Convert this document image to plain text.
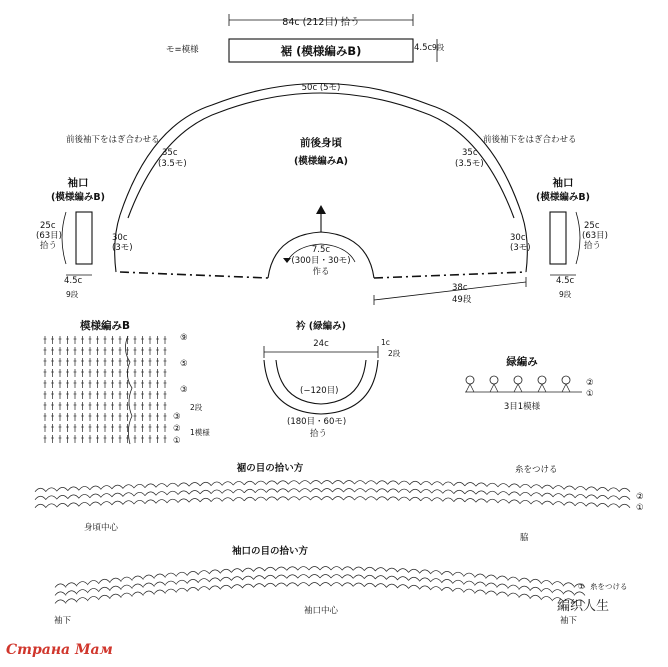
84c (212目) 拾う
裾 (模様編みB)
モ=模様	4.5c 9段
50c (5モ)
前後袖下をはぎ合わせる	前後袖下をはぎ合わせる
35c
(3.5モ)
35c
(3.5モ)
前後身頃
(模様編みA)
30c
(3モ)
30c
(3モ)
7.5c
(300目・30モ)
作る
38c
49段
袖口
(模様編みB)
25c
(63目)
拾う
4.5c
9段
袖口
(模様編みB)
25c
(63目)
拾う
4.5c
9段
模様編みB
⑨
⑤
③
③
②
①
2段
1模様
衿 (緑編み)
24c	1c
2段
(−120目)
(180目・60モ)
拾う
緑編み
②
①
3目1模様
裾の目の拾い方	糸をつける
身頃中心
脇
②
①
袖口の目の拾い方
袖口中心
袖下	袖下
① 糸をつける
Страна Мам
編织人生
